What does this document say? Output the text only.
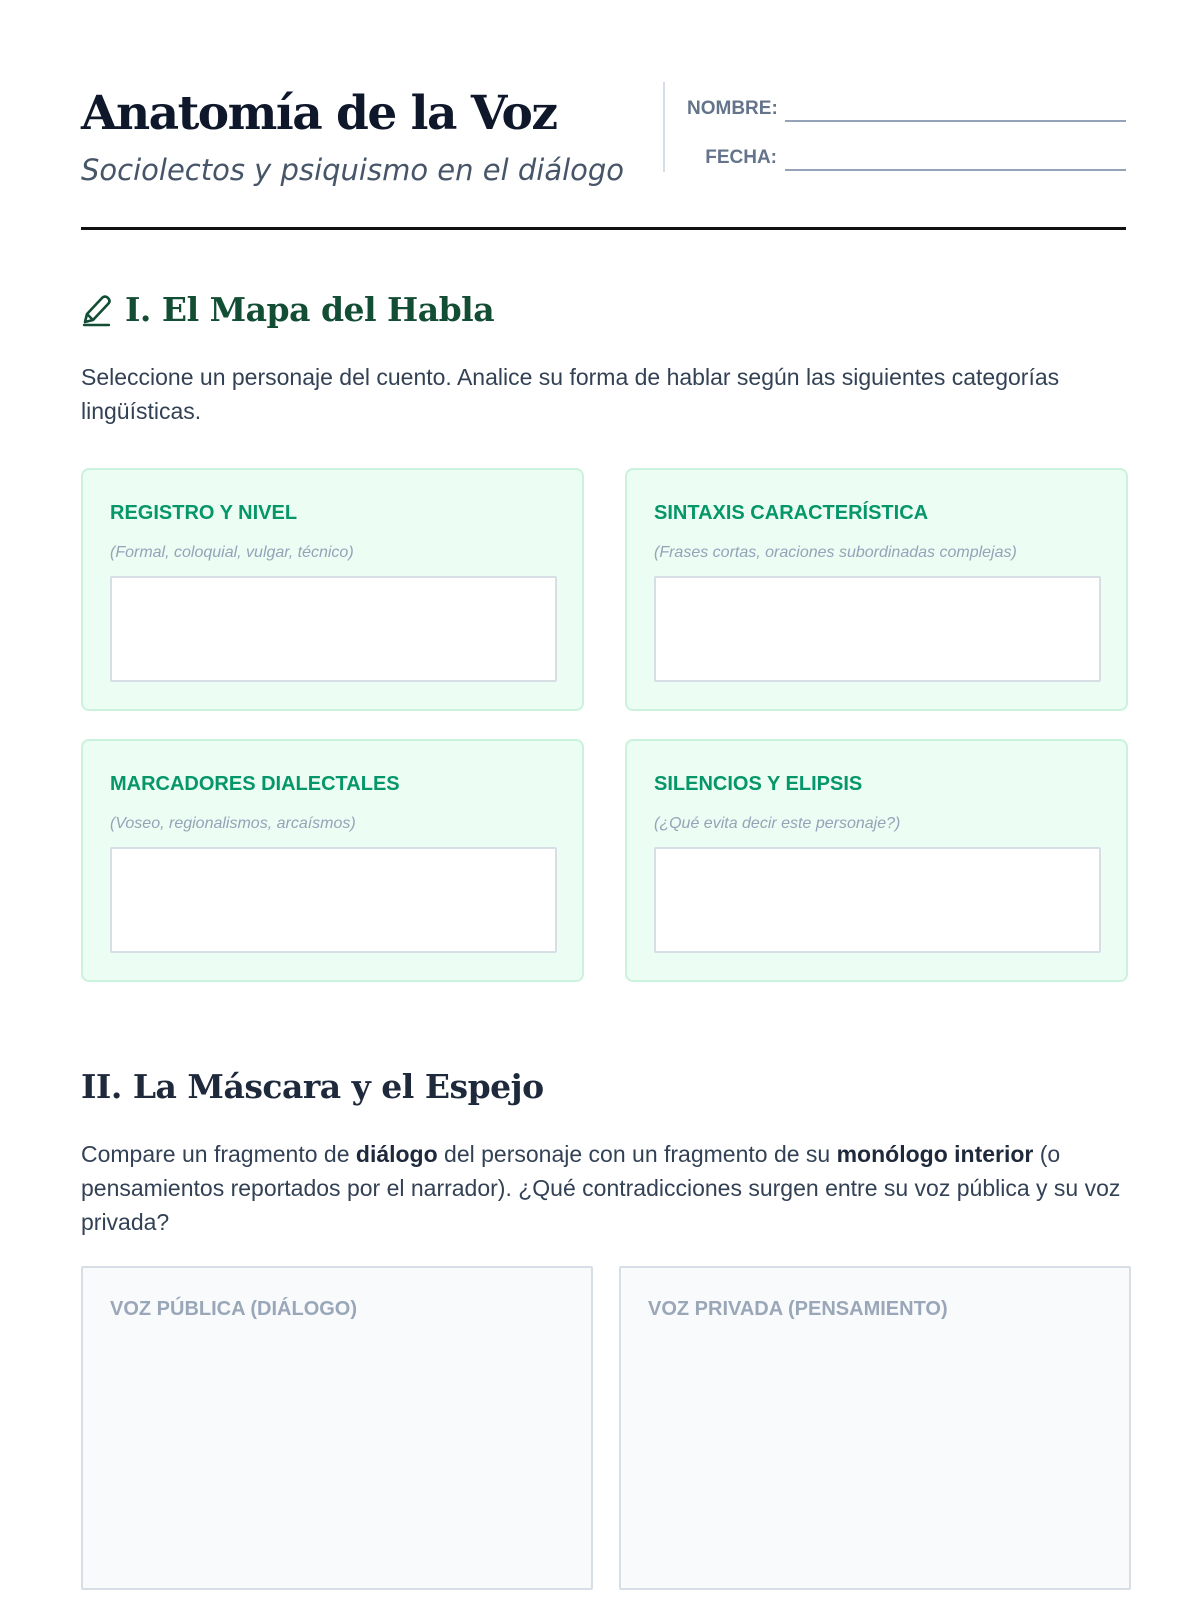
Anatomía de la Voz
Sociolectos y psiquismo en el diálogo
NOMBRE:
FECHA:
I. El Mapa del Habla

Seleccione un personaje del cuento. Analice su forma de hablar según las siguientes categorías lingüísticas.

REGISTRO Y NIVEL
(Formal, coloquial, vulgar, técnico)
SINTAXIS CARACTERÍSTICA
(Frases cortas, oraciones subordinadas complejas)
MARCADORES DIALECTALES
(Voseo, regionalismos, arcaísmos)
SILENCIOS Y ELIPSIS
(¿Qué evita decir este personaje?)
II. La Máscara y el Espejo

Compare un fragmento de diálogo del personaje con un fragmento de su monólogo interior (o pensamientos reportados por el narrador). ¿Qué contradicciones surgen entre su voz pública y su voz privada?

VOZ PÚBLICA (DIÁLOGO)	VOZ PRIVADA (PENSAMIENTO)
